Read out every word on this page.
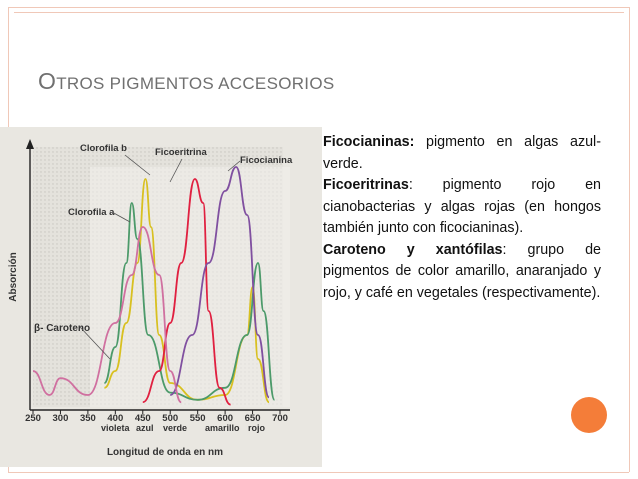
OTROS PIGMENTOS ACCESORIOS
250 300 350 400 450 500 550 600 650 700
Clorofila b	Ficoeritrina
Ficocianina
Clorofila a
β- Caroteno
Absorción
violeta azul verde amarillo rojo
Longitud de onda en nm

Ficocianinas: pigmento en algas azul-verde.

Ficoeritrinas: pigmento rojo en cianobacterias y algas rojas (en hongos también junto con ficocianinas).

Caroteno y xantófilas: grupo de pigmentos de color amarillo, anaranjado y rojo, y café en vegetales (respectivamente).
